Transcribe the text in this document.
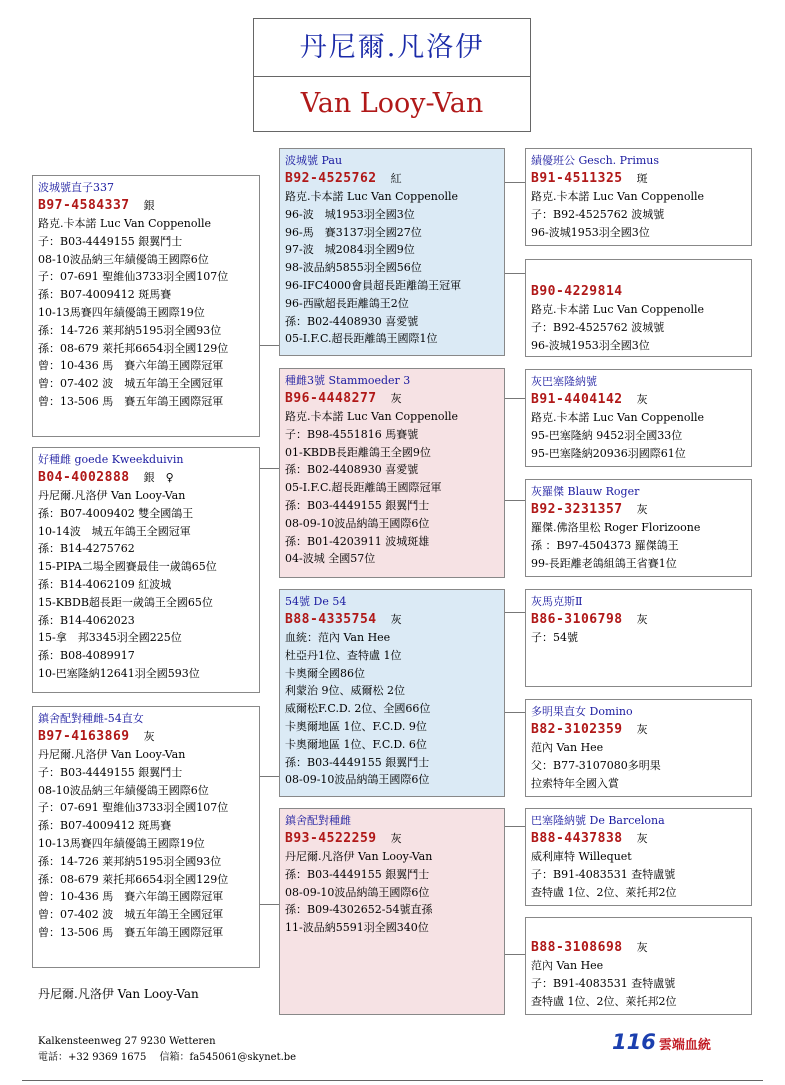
丹尼爾.凡洛伊
Van Looy-Van
波城號直子337
B97-4584337 銀
路克.卡本諾 Luc Van Coppenolle
子：B03-4449155 銀翼鬥士
08-10波品納三年績優鴿王國際6位
子：07-691 聖維仙3733羽全國107位
孫：B07-4009412 斑馬賽
10-13馬賽四年績優鴿王國際19位
孫：14-726 莱邦納5195羽全國93位
孫：08-679 萊托邦6654羽全國129位
曾：10-436 馬　賽六年鴿王國際冠軍
曾：07-402 波　城五年鴿王全國冠軍
曾：13-506 馬　賽五年鴿王國際冠軍
好種雌 goede Kweekduivin
B04-4002888 銀　♀
丹尼爾.凡洛伊 Van Looy-Van
孫：B07-4009402 雙全國鴿王
10-14波　城五年鴿王全國冠軍
孫：B14-4275762
15-PIPA二場全國賽最佳一歲鴿65位
孫：B14-4062109 紅波城
15-KBDB超長距一歲鴿王全國65位
孫：B14-4062023
15-拿　邦3345羽全國225位
孫：B08-4089917
10-巴塞隆納12641羽全國593位
鎮舍配對種雌-54直女
B97-4163869 灰
丹尼爾.凡洛伊 Van Looy-Van
子：B03-4449155 銀翼鬥士
08-10波品納三年績優鴿王國際6位
子：07-691 聖維仙3733羽全國107位
孫：B07-4009412 斑馬賽
10-13馬賽四年績優鴿王國際19位
孫：14-726 莱邦納5195羽全國93位
孫：08-679 萊托邦6654羽全國129位
曾：10-436 馬　賽六年鴿王國際冠軍
曾：07-402 波　城五年鴿王全國冠軍
曾：13-506 馬　賽五年鴿王國際冠軍
波城號 Pau
B92-4525762 紅
路克.卡本諾 Luc Van Coppenolle
96-波　城1953羽全國3位
96-馬　賽3137羽全國27位
97-波　城2084羽全國9位
98-波品納5855羽全國56位
96-IFC4000會員超長距離鴿王冠軍
96-西歐超長距離鴿王2位
孫：B02-4408930 喜愛號
05-I.F.C.超長距離鴿王國際1位
種雌3號 Stammoeder 3
B96-4448277 灰
路克.卡本諾 Luc Van Coppenolle
子：B98-4551816 馬賽號
01-KBDB長距離鴿王全國9位
孫：B02-4408930 喜愛號
05-I.F.C.超長距離鴿王國際冠軍
孫：B03-4449155 銀翼鬥士
08-09-10波品納鴿王國際6位
孫：B01-4203911 波城斑雄
04-波城 全國57位
54號 De 54
B88-4335754 灰
血統：范內 Van Hee
杜亞丹1位、查特盧 1位
卡奧爾全國86位
利蒙治 9位、威爾松 2位
威爾松F.C.D. 2位、全國66位
卡奧爾地區 1位、F.C.D. 9位
卡奧爾地區 1位、F.C.D. 6位
孫：B03-4449155 銀翼鬥士
08-09-10波品納鴿王國際6位
鎮舍配對種雌
B93-4522259 灰
丹尼爾.凡洛伊 Van Looy-Van
孫：B03-4449155 銀翼鬥士
08-09-10波品納鴿王國際6位
孫：B09-4302652-54號直孫
11-波品納5591羽全國340位
績優班公 Gesch. Primus
B91-4511325 斑
路克.卡本諾 Luc Van Coppenolle
子：B92-4525762 波城號
96-波城1953羽全國3位
B90-4229814
路克.卡本諾 Luc Van Coppenolle
子：B92-4525762 波城號
96-波城1953羽全國3位
灰巴塞隆納號
B91-4404142 灰
路克.卡本諾 Luc Van Coppenolle
95-巴塞隆納 9452羽全國33位
95-巴塞隆納20936羽國際61位
灰羅傑 Blauw Roger
B92-3231357 灰
羅傑.佛洛里松 Roger Florizoone
孫 ：B97-4504373 羅傑鴿王
99-長距離老鴿組鴿王省賽1位
灰馬克斯Ⅱ
B86-3106798 灰
子：54號
多明果直女 Domino
B82-3102359 灰
范內 Van Hee
父：B77-3107080多明果
拉索特年全國入賞
巴塞隆納號 De Barcelona
B88-4437838 灰
威利庫特 Willequet
子：B91-4083531 查特盧號
查特盧 1位、2位、萊托邦2位
B88-3108698 灰
范內 Van Hee
子：B91-4083531 查特盧號
查特盧 1位、2位、萊托邦2位
丹尼爾.凡洛伊 Van Looy-Van
Kalkensteenweg 27 9230 Wetteren
電話：+32 9369 1675　 信箱：fa545061@skynet.be
116 雲端血統
